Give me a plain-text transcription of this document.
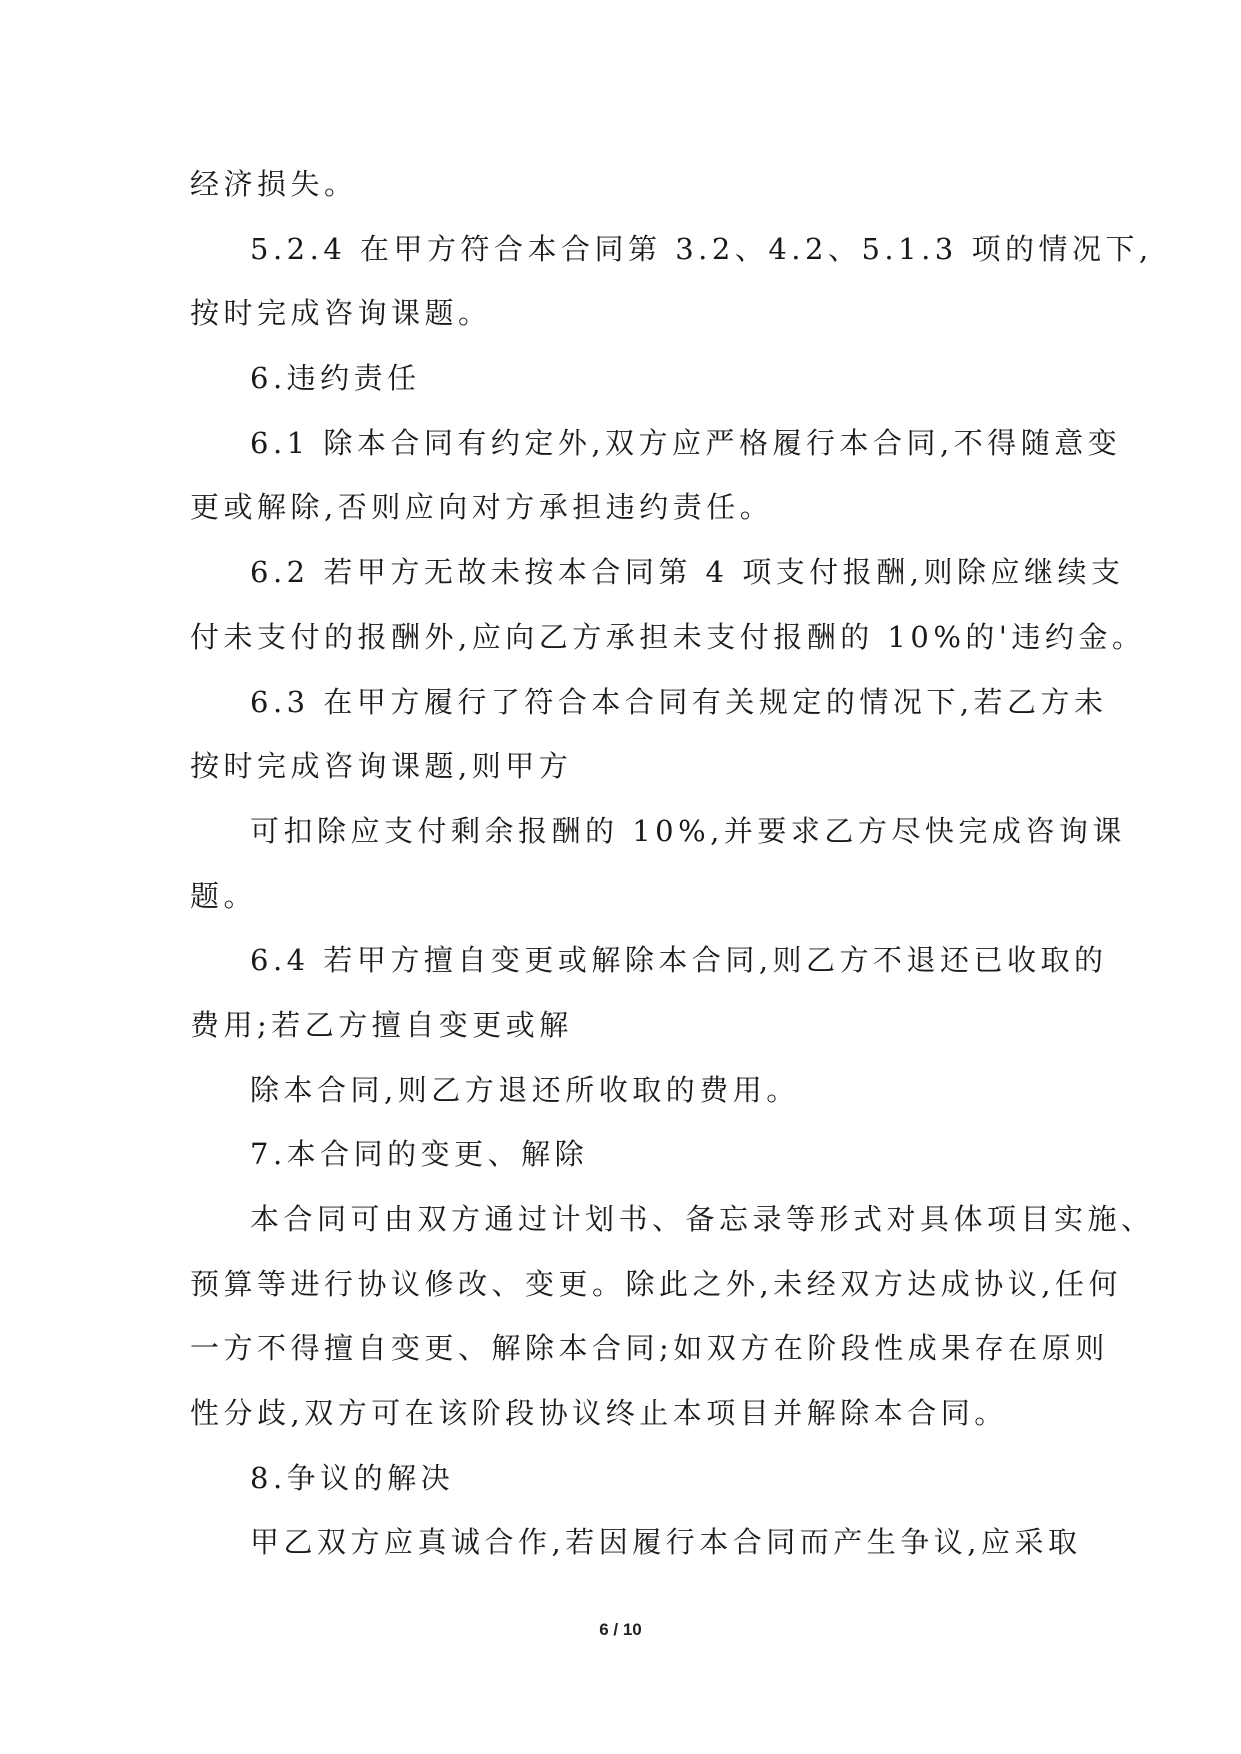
经济损失。
5.2.4 在甲方符合本合同第 3.2、4.2、5.1.3 项的情况下,
按时完成咨询课题。
6.违约责任
6.1 除本合同有约定外,双方应严格履行本合同,不得随意变
更或解除,否则应向对方承担违约责任。
6.2 若甲方无故未按本合同第 4 项支付报酬,则除应继续支
付未支付的报酬外,应向乙方承担未支付报酬的 10%的'违约金。
6.3 在甲方履行了符合本合同有关规定的情况下,若乙方未
按时完成咨询课题,则甲方
可扣除应支付剩余报酬的 10%,并要求乙方尽快完成咨询课
题。
6.4 若甲方擅自变更或解除本合同,则乙方不退还已收取的
费用;若乙方擅自变更或解
除本合同,则乙方退还所收取的费用。
7.本合同的变更、解除
本合同可由双方通过计划书、备忘录等形式对具体项目实施、
预算等进行协议修改、变更。除此之外,未经双方达成协议,任何
一方不得擅自变更、解除本合同;如双方在阶段性成果存在原则
性分歧,双方可在该阶段协议终止本项目并解除本合同。
8.争议的解决
甲乙双方应真诚合作,若因履行本合同而产生争议,应采取
6 / 10
